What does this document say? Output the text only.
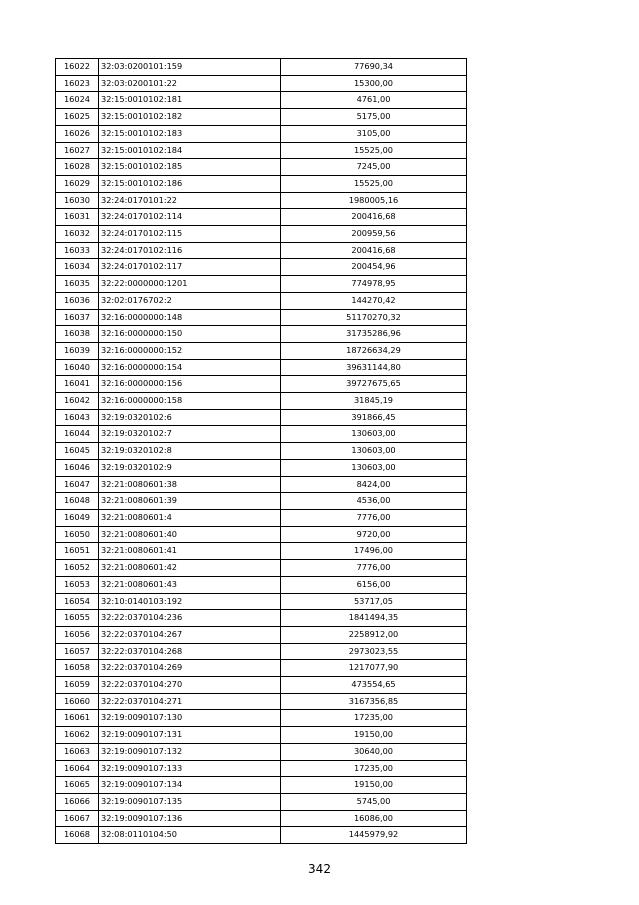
16022	32:03:0200101:159	77690,34
16023	32:03:0200101:22	15300,00
16024	32:15:0010102:181	4761,00
16025	32:15:0010102:182	5175,00
16026	32:15:0010102:183	3105,00
16027	32:15:0010102:184	15525,00
16028	32:15:0010102:185	7245,00
16029	32:15:0010102:186	15525,00
16030	32:24:0170101:22	1980005,16
16031	32:24:0170102:114	200416,68
16032	32:24:0170102:115	200959,56
16033	32:24:0170102:116	200416,68
16034	32:24:0170102:117	200454,96
16035	32:22:0000000:1201	774978,95
16036	32:02:0176702:2	144270,42
16037	32:16:0000000:148	51170270,32
16038	32:16:0000000:150	31735286,96
16039	32:16:0000000:152	18726634,29
16040	32:16:0000000:154	39631144,80
16041	32:16:0000000:156	39727675,65
16042	32:16:0000000:158	31845,19
16043	32:19:0320102:6	391866,45
16044	32:19:0320102:7	130603,00
16045	32:19:0320102:8	130603,00
16046	32:19:0320102:9	130603,00
16047	32:21:0080601:38	8424,00
16048	32:21:0080601:39	4536,00
16049	32:21:0080601:4	7776,00
16050	32:21:0080601:40	9720,00
16051	32:21:0080601:41	17496,00
16052	32:21:0080601:42	7776,00
16053	32:21:0080601:43	6156,00
16054	32:10:0140103:192	53717,05
16055	32:22:0370104:236	1841494,35
16056	32:22:0370104:267	2258912,00
16057	32:22:0370104:268	2973023,55
16058	32:22:0370104:269	1217077,90
16059	32:22:0370104:270	473554,65
16060	32:22:0370104:271	3167356,85
16061	32:19:0090107:130	17235,00
16062	32:19:0090107:131	19150,00
16063	32:19:0090107:132	30640,00
16064	32:19:0090107:133	17235,00
16065	32:19:0090107:134	19150,00
16066	32:19:0090107:135	5745,00
16067	32:19:0090107:136	16086,00
16068	32:08:0110104:50	1445979,92
342
